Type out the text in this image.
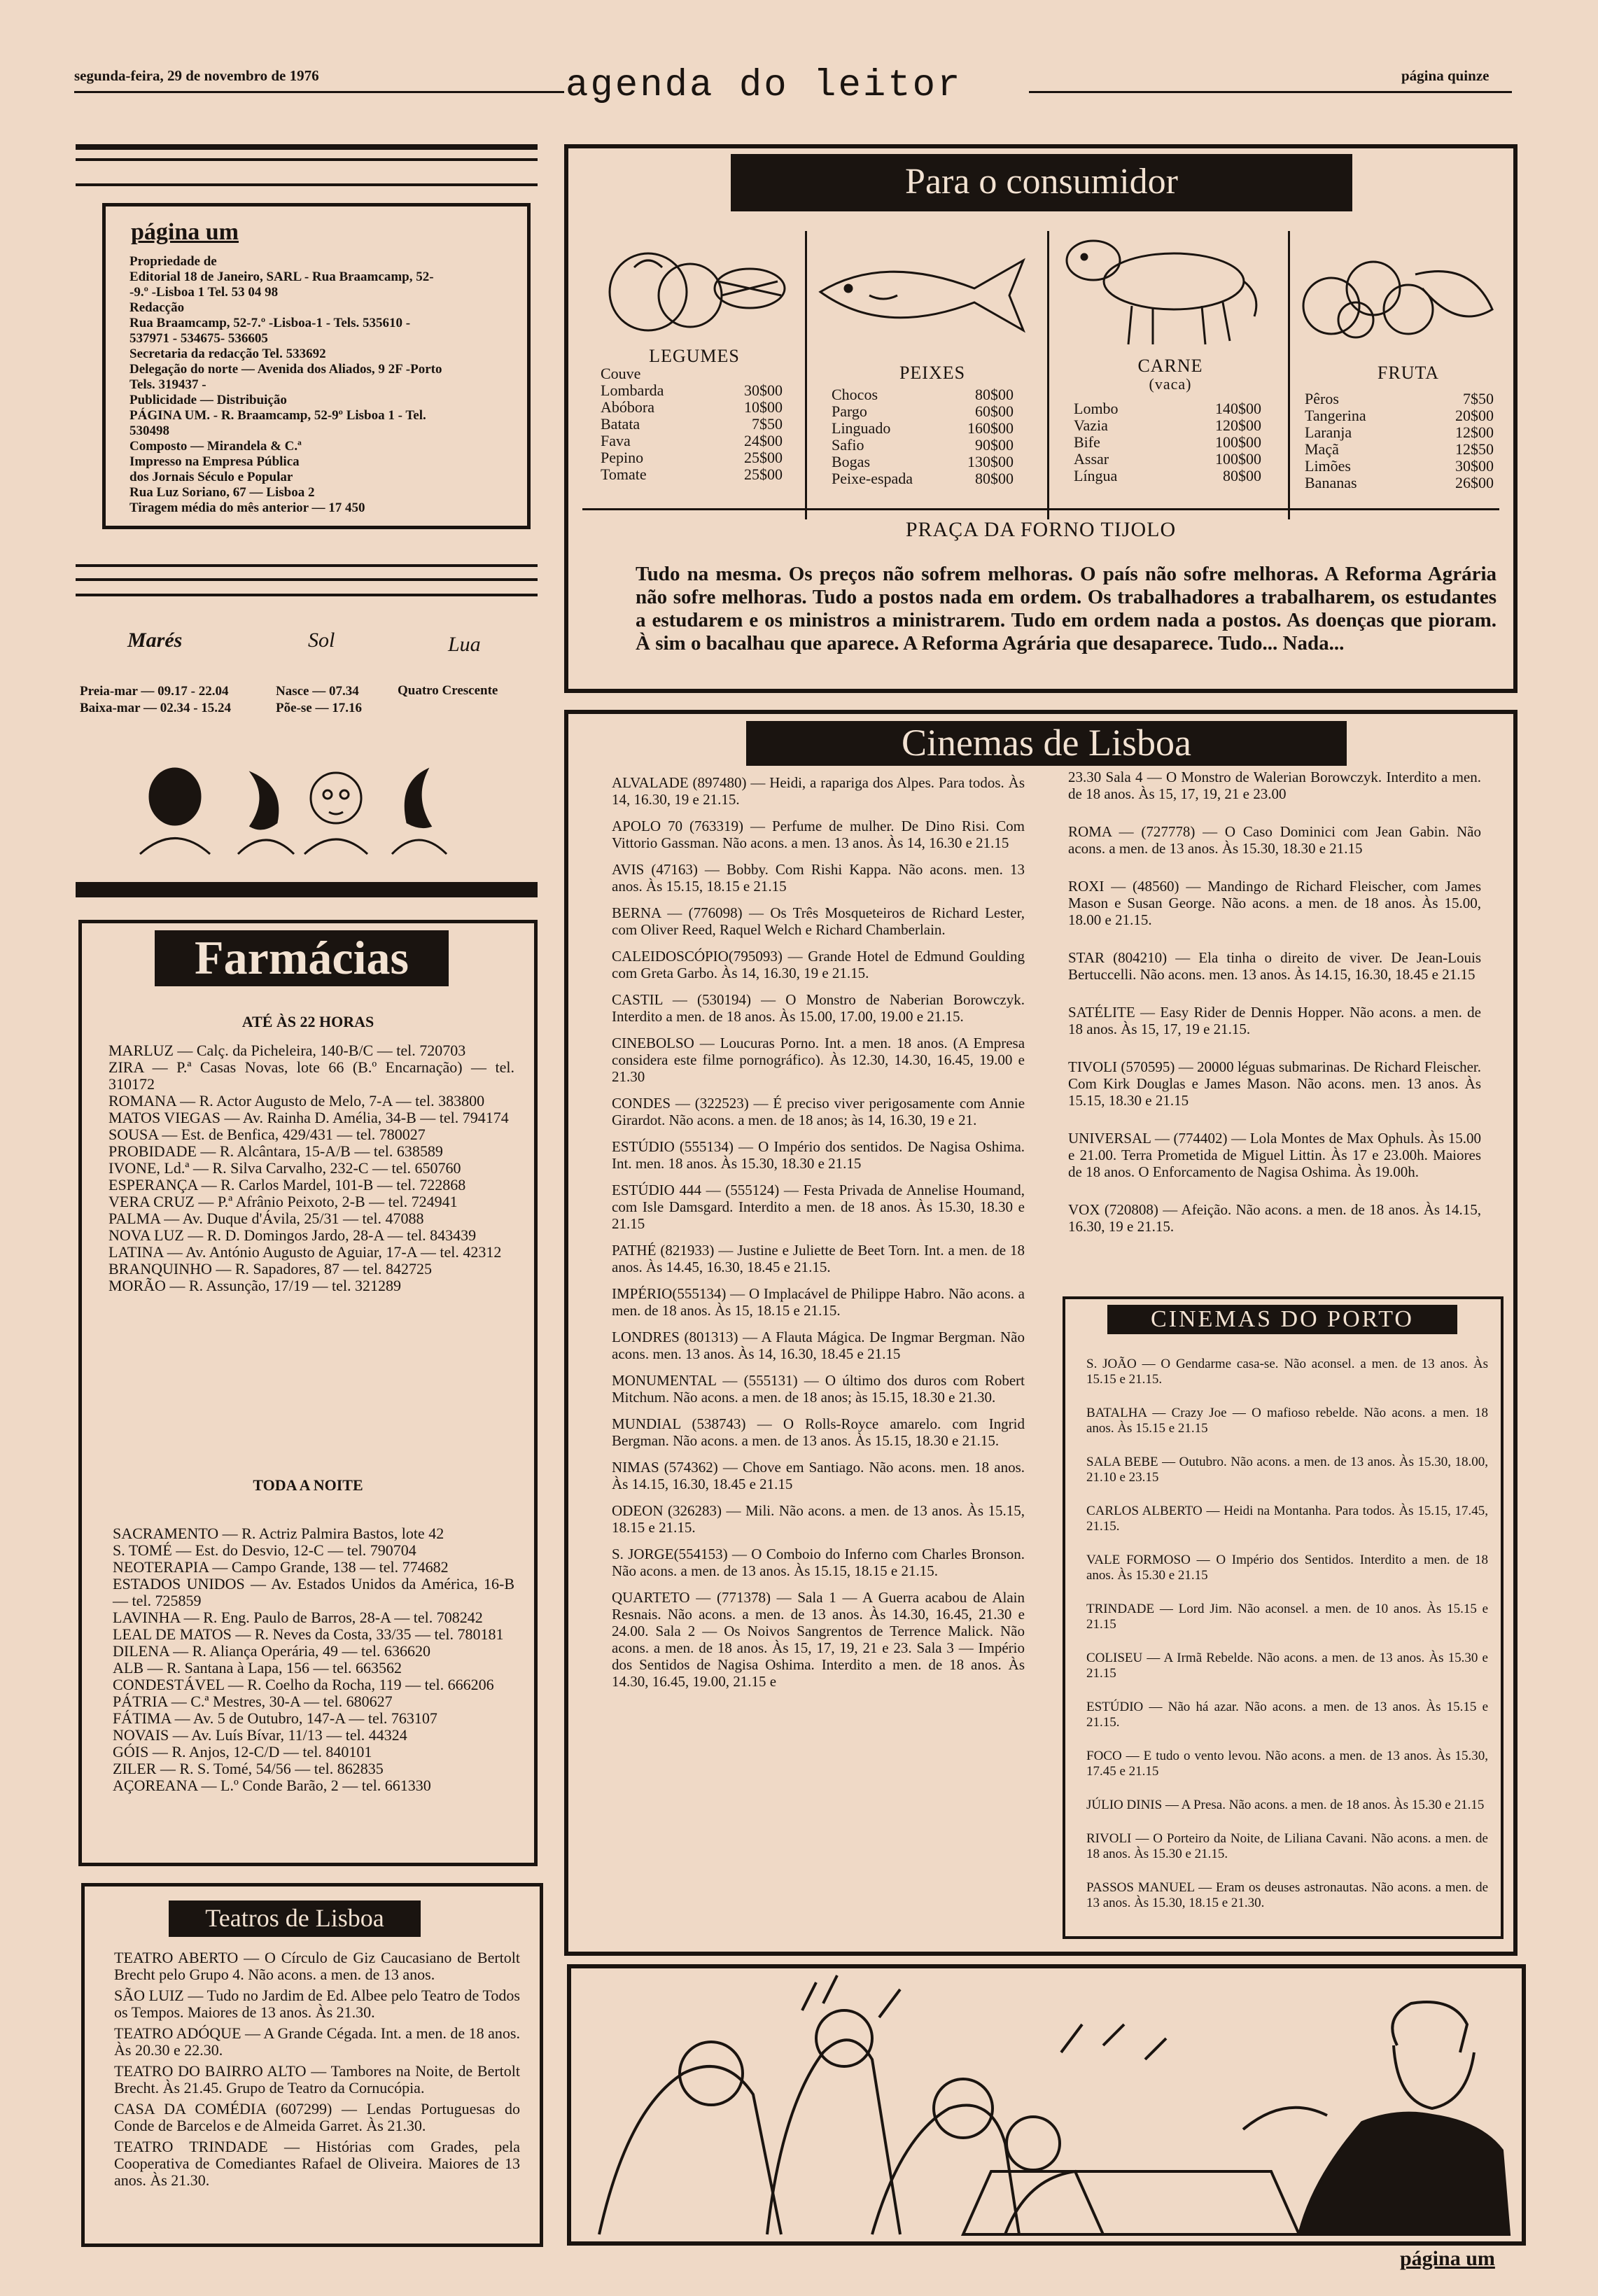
segunda-feira, 29 de novembro de 1976	agenda do leitor	página quinze
página um
Propriedade de
Editorial 18 de Janeiro, SARL - Rua Braamcamp, 52-
-9.º -Lisboa 1 Tel. 53 04 98
Redacção
Rua Braamcamp, 52-7.º -Lisboa-1 - Tels. 535610 -
537971 - 534675- 536605
Secretaria da redacção Tel. 533692
Delegação do norte — Avenida dos Aliados, 9 2F -Porto
Tels. 319437 -
Publicidade — Distribuição
PÁGINA UM. - R. Braamcamp, 52-9º Lisboa 1 - Tel.
530498
Composto — Mirandela & C.ª
Impresso na Empresa Pública
dos Jornais Século e Popular
Rua Luz Soriano, 67 — Lisboa 2
Tiragem média do mês anterior — 17 450
Marés	Sol	Lua
Preia-mar — 09.17 - 22.04
Baixa-mar — 02.34 - 15.24
Nasce — 07.34
Põe-se — 17.16
Quatro Crescente
Farmácias
ATÉ ÀS 22 HORAS
MARLUZ — Calç. da Picheleira, 140-B/C — tel. 720703
ZIRA — P.ª Casas Novas, lote 66 (B.º Encarnação) — tel. 310172
ROMANA — R. Actor Augusto de Melo, 7-A — tel. 383800
MATOS VIEGAS — Av. Rainha D. Amélia, 34-B — tel. 794174
SOUSA — Est. de Benfica, 429/431 — tel. 780027
PROBIDADE — R. Alcântara, 15-A/B — tel. 638589
IVONE, Ld.ª — R. Silva Carvalho, 232-C — tel. 650760
ESPERANÇA — R. Carlos Mardel, 101-B — tel. 722868
VERA CRUZ — P.ª Afrânio Peixoto, 2-B — tel. 724941
PALMA — Av. Duque d'Ávila, 25/31 — tel. 47088
NOVA LUZ — R. D. Domingos Jardo, 28-A — tel. 843439
LATINA — Av. António Augusto de Aguiar, 17-A — tel. 42312
BRANQUINHO — R. Sapadores, 87 — tel. 842725
MORÃO — R. Assunção, 17/19 — tel. 321289
TODA A NOITE
SACRAMENTO — R. Actriz Palmira Bastos, lote 42
S. TOMÉ — Est. do Desvio, 12-C — tel. 790704
NEOTERAPIA — Campo Grande, 138 — tel. 774682
ESTADOS UNIDOS — Av. Estados Unidos da América, 16-B — tel. 725859
LAVINHA — R. Eng. Paulo de Barros, 28-A — tel. 708242
LEAL DE MATOS — R. Neves da Costa, 33/35 — tel. 780181
DILENA — R. Aliança Operária, 49 — tel. 636620
ALB — R. Santana à Lapa, 156 — tel. 663562
CONDESTÁVEL — R. Coelho da Rocha, 119 — tel. 666206
PÁTRIA — C.ª Mestres, 30-A — tel. 680627
FÁTIMA — Av. 5 de Outubro, 147-A — tel. 763107
NOVAIS — Av. Luís Bívar, 11/13 — tel. 44324
GÓIS — R. Anjos, 12-C/D — tel. 840101
ZILER — R. S. Tomé, 54/56 — tel. 862835
AÇOREANA — L.º Conde Barão, 2 — tel. 661330
Teatros de Lisboa
TEATRO ABERTO — O Círculo de Giz Caucasiano de Bertolt Brecht pelo Grupo 4. Não acons. a men. de 13 anos.
SÃO LUIZ — Tudo no Jardim de Ed. Albee pelo Teatro de Todos os Tempos. Maiores de 13 anos. Às 21.30.
TEATRO ADÓQUE — A Grande Cégada. Int. a men. de 18 anos. Às 20.30 e 22.30.
TEATRO DO BAIRRO ALTO — Tambores na Noite, de Bertolt Brecht. Às 21.45. Grupo de Teatro da Cornucópia.
CASA DA COMÉDIA (607299) — Lendas Portuguesas do Conde de Barcelos e de Almeida Garret. Às 21.30.
TEATRO TRINDADE — Histórias com Grades, pela Cooperativa de Comediantes Rafael de Oliveira. Maiores de 13 anos. Às 21.30.
Para o consumidor
LEGUMES
Couve
Lombarda	30$00
Abóbora	10$00
Batata	7$50
Fava	24$00
Pepino	25$00
Tomate	25$00
PEIXES
Chocos	80$00
Pargo	60$00
Linguado	160$00
Safio	90$00
Bogas	130$00
Peixe-espada	80$00
CARNE
(vaca)
Lombo	140$00
Vazia	120$00
Bife	100$00
Assar	100$00
Língua	80$00
FRUTA
Pêros	7$50
Tangerina	20$00
Laranja	12$00
Maçã	12$50
Limões	30$00
Bananas	26$00
PRAÇA DA FORNO TIJOLO
Tudo na mesma. Os preços não sofrem melhoras. O país não sofre melhoras. A Reforma Agrária não sofre melhoras. Tudo a postos nada em ordem. Os trabalhadores a trabalharem, os estudantes a estudarem e os ministros a ministrarem. Tudo em ordem nada a postos. As doenças que pioram. À sim o bacalhau que aparece. A Reforma Agrária que desaparece. Tudo... Nada...
Cinemas de Lisboa
ALVALADE (897480) — Heidi, a rapariga dos Alpes. Para todos. Às 14, 16.30, 19 e 21.15.
APOLO 70 (763319) — Perfume de mulher. De Dino Risi. Com Vittorio Gassman. Não acons. a men. 13 anos. Às 14, 16.30 e 21.15
AVIS (47163) — Bobby. Com Rishi Kappa. Não acons. men. 13 anos. Às 15.15, 18.15 e 21.15
BERNA — (776098) — Os Três Mosqueteiros de Richard Lester, com Oliver Reed, Raquel Welch e Richard Chamberlain.
CALEIDOSCÓPIO(795093) — Grande Hotel de Edmund Goulding com Greta Garbo. Às 14, 16.30, 19 e 21.15.
CASTIL — (530194) — O Monstro de Naberian Borowczyk. Interdito a men. de 18 anos. Às 15.00, 17.00, 19.00 e 21.15.
CINEBOLSO — Loucuras Porno. Int. a men. 18 anos. (A Empresa considera este filme pornográfico). Às 12.30, 14.30, 16.45, 19.00 e 21.30
CONDES — (322523) — É preciso viver perigosamente com Annie Girardot. Não acons. a men. de 18 anos; às 14, 16.30, 19 e 21.
ESTÚDIO (555134) — O Império dos sentidos. De Nagisa Oshima. Int. men. 18 anos. Às 15.30, 18.30 e 21.15
ESTÚDIO 444 — (555124) — Festa Privada de Annelise Houmand, com Isle Damsgard. Interdito a men. de 18 anos. Às 15.30, 18.30 e 21.15
PATHÉ (821933) — Justine e Juliette de Beet Torn. Int. a men. de 18 anos. Às 14.45, 16.30, 18.45 e 21.15.
IMPÉRIO(555134) — O Implacável de Philippe Habro. Não acons. a men. de 18 anos. Às 15, 18.15 e 21.15.
LONDRES (801313) — A Flauta Mágica. De Ingmar Bergman. Não acons. men. 13 anos. Às 14, 16.30, 18.45 e 21.15
MONUMENTAL — (555131) — O último dos duros com Robert Mitchum. Não acons. a men. de 18 anos; às 15.15, 18.30 e 21.30.
MUNDIAL (538743) — O Rolls-Royce amarelo. com Ingrid Bergman. Não acons. a men. de 13 anos. Às 15.15, 18.30 e 21.15.
NIMAS (574362) — Chove em Santiago. Não acons. men. 18 anos. Às 14.15, 16.30, 18.45 e 21.15
ODEON (326283) — Mili. Não acons. a men. de 13 anos. Às 15.15, 18.15 e 21.15.
S. JORGE(554153) — O Comboio do Inferno com Charles Bronson. Não acons. a men. de 13 anos. Às 15.15, 18.15 e 21.15.
QUARTETO — (771378) — Sala 1 — A Guerra acabou de Alain Resnais. Não acons. a men. de 13 anos. Às 14.30, 16.45, 21.30 e 24.00. Sala 2 — Os Noivos Sangrentos de Terrence Malick. Não acons. a men. de 18 anos. Às 15, 17, 19, 21 e 23. Sala 3 — Império dos Sentidos de Nagisa Oshima. Interdito a men. de 18 anos. Às 14.30, 16.45, 19.00, 21.15 e
23.30 Sala 4 — O Monstro de Walerian Borowczyk. Interdito a men. de 18 anos. Às 15, 17, 19, 21 e 23.00
ROMA — (727778) — O Caso Dominici com Jean Gabin. Não acons. a men. de 13 anos. Às 15.30, 18.30 e 21.15
ROXI — (48560) — Mandingo de Richard Fleischer, com James Mason e Susan George. Não acons. a men. de 18 anos. Às 15.00, 18.00 e 21.15.
STAR (804210) — Ela tinha o direito de viver. De Jean-Louis Bertuccelli. Não acons. men. 13 anos. Às 14.15, 16.30, 18.45 e 21.15
SATÉLITE — Easy Rider de Dennis Hopper. Não acons. a men. de 18 anos. Às 15, 17, 19 e 21.15.
TIVOLI (570595) — 20000 léguas submarinas. De Richard Fleischer. Com Kirk Douglas e James Mason. Não acons. men. 13 anos. Às 15.15, 18.30 e 21.15
UNIVERSAL — (774402) — Lola Montes de Max Ophuls. Às 15.00 e 21.00. Terra Prometida de Miguel Littin. Às 17 e 23.00h. Maiores de 18 anos. O Enforcamento de Nagisa Oshima. Às 19.00h.
VOX (720808) — Afeição. Não acons. a men. de 18 anos. Às 14.15, 16.30, 19 e 21.15.
CINEMAS DO PORTO
S. JOÃO — O Gendarme casa-se. Não aconsel. a men. de 13 anos. Às 15.15 e 21.15.
BATALHA — Crazy Joe — O mafioso rebelde. Não acons. a men. 18 anos. Às 15.15 e 21.15
SALA BEBE — Outubro. Não acons. a men. de 13 anos. Às 15.30, 18.00, 21.10 e 23.15
CARLOS ALBERTO — Heidi na Montanha. Para todos. Às 15.15, 17.45, 21.15.
VALE FORMOSO — O Império dos Sentidos. Interdito a men. de 18 anos. Às 15.30 e 21.15
TRINDADE — Lord Jim. Não aconsel. a men. de 10 anos. Às 15.15 e 21.15
COLISEU — A Irmã Rebelde. Não acons. a men. de 13 anos. Às 15.30 e 21.15
ESTÚDIO — Não há azar. Não acons. a men. de 13 anos. Às 15.15 e 21.15.
FOCO — E tudo o vento levou. Não acons. a men. de 13 anos. Às 15.30, 17.45 e 21.15
JÚLIO DINIS — A Presa. Não acons. a men. de 18 anos. Às 15.30 e 21.15
RIVOLI — O Porteiro da Noite, de Liliana Cavani. Não acons. a men. de 18 anos. Às 15.30 e 21.15.
PASSOS MANUEL — Eram os deuses astronautas. Não acons. a men. de 13 anos. Às 15.30, 18.15 e 21.30.
página um
